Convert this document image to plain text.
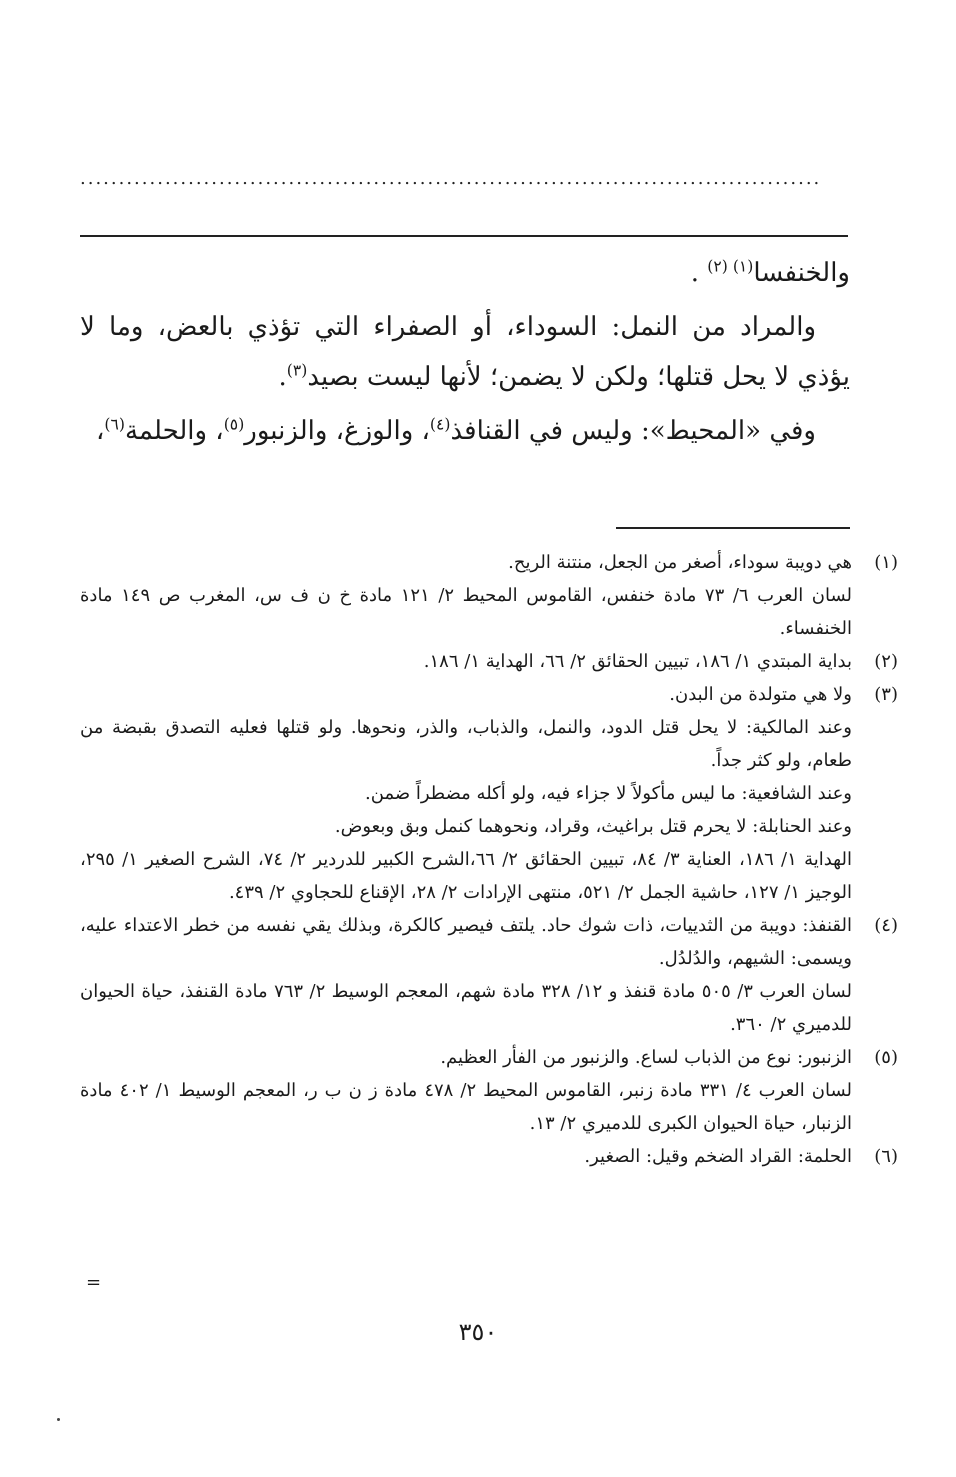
................................................................................................

والخنفسا$^{(١) (٢)}$ .

والمراد من النمل: السوداء، أو الصفراء التي تؤذي بالعض، وما لا يؤذي لا يحل قتلها؛ ولكن لا يضمن؛ لأنها ليست بصيد$^{(٣)}$.

وفي «المحيط»: وليس في القنافذ$^{(٤)}$، والوزغ، والزنبور$^{(٥)}$، والحلمة$^{(٦)}$،

(١)

هي دويبة سوداء، أصغر من الجعل، منتنة الريح.

لسان العرب ٦/ ٧٣ مادة خنفس، القاموس المحيط ٢/ ١٢١ مادة خ ن ف س، المغرب ص ١٤٩ مادة الخنفساء.

(٢)

بداية المبتدي ١/ ١٨٦، تبيين الحقائق ٢/ ٦٦، الهداية ١/ ١٨٦.

(٣)

ولا هي متولدة من البدن.

وعند المالكية: لا يحل قتل الدود، والنمل، والذباب، والذر، ونحوها. ولو قتلها فعليه التصدق بقبضة من طعام، ولو كثر جداً.

وعند الشافعية: ما ليس مأكولاً لا جزاء فيه، ولو أكله مضطراً ضمن.

وعند الحنابلة: لا يحرم قتل براغيث، وقراد، ونحوهما كنمل وبق وبعوض.

الهداية ١/ ١٨٦، العناية ٣/ ٨٤، تبيين الحقائق ٢/ ٦٦،الشرح الكبير للدردير ٢/ ٧٤، الشرح الصغير ١/ ٢٩٥، الوجيز ١/ ١٢٧، حاشية الجمل ٢/ ٥٢١، منتهى الإرادات ٢/ ٢٨، الإقناع للحجاوي ٢/ ٤٣٩.

(٤)

القنفذ: دويبة من الثدييات، ذات شوك حاد. يلتف فيصير كالكرة، وبذلك يقي نفسه من خطر الاعتداء عليه، ويسمى: الشيهم، والدُلدُل.

لسان العرب ٣/ ٥٠٥ مادة قنفذ و ١٢/ ٣٢٨ مادة شهم، المعجم الوسيط ٢/ ٧٦٣ مادة القنفذ، حياة الحيوان للدميري ٢/ ٣٦٠.

(٥)

الزنبور: نوع من الذباب لساع. والزنبور من الفأر العظيم.

لسان العرب ٤/ ٣٣١ مادة زنبر، القاموس المحيط ٢/ ٤٧٨ مادة ز ن ب ر، المعجم الوسيط ١/ ٤٠٢ مادة الزنبار، حياة الحيوان الكبرى للدميري ٢/ ١٣.

(٦)

الحلمة: القراد الضخم وقيل: الصغير.

=
٣٥٠
